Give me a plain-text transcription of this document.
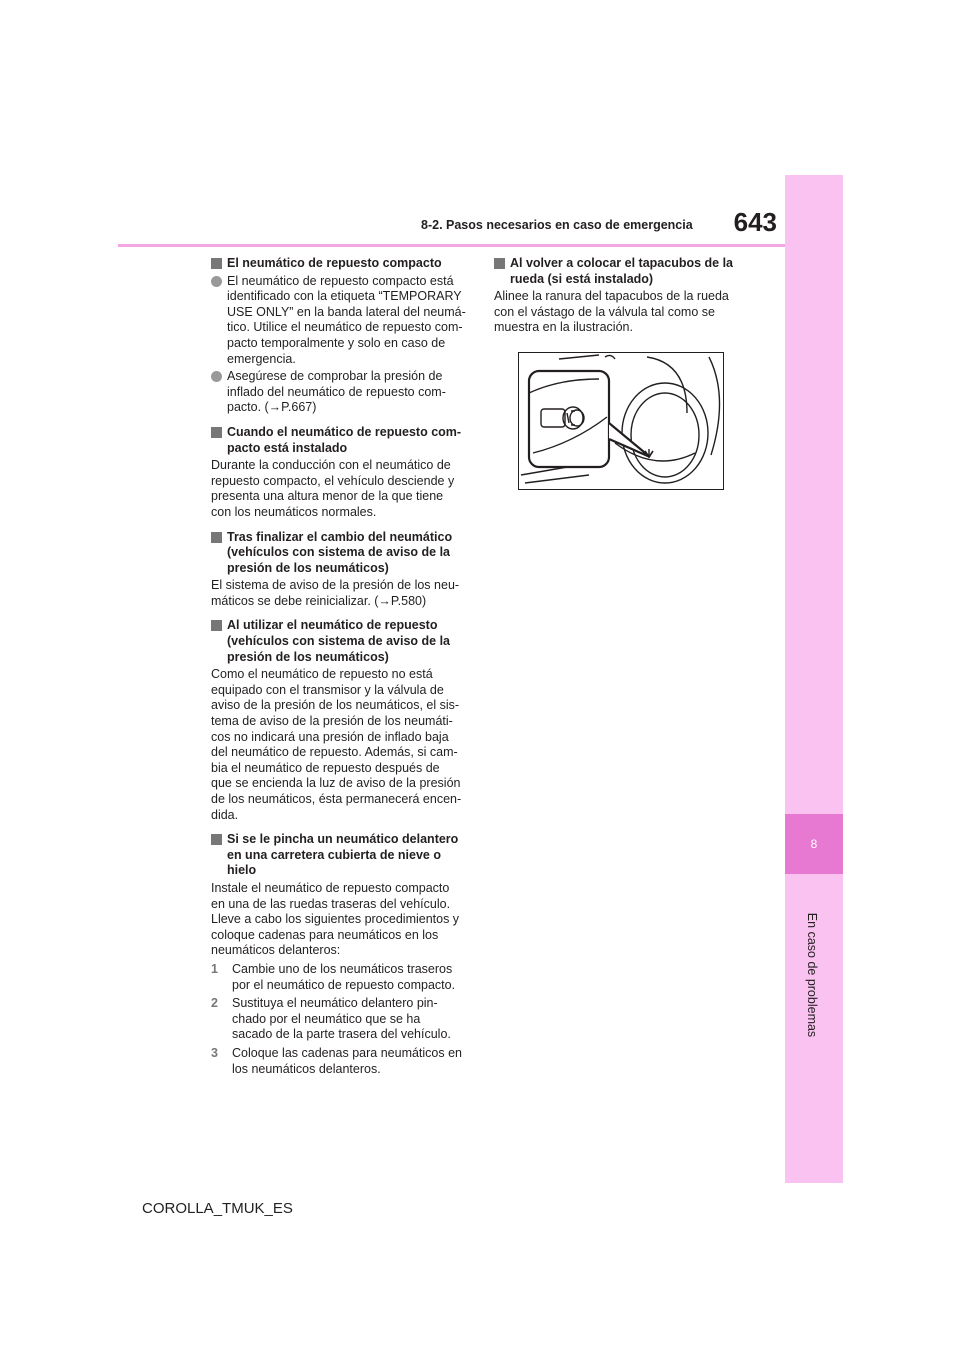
8-2. Pasos necesarios en caso de emergencia	643
8
En caso de problemas
El neumático de repuesto compacto
El neumático de repuesto compacto está
identificado con la etiqueta “TEMPORARY
USE ONLY” en la banda lateral del neumá-
tico. Utilice el neumático de repuesto com-
pacto temporalmente y solo en caso de
emergencia.
Asegúrese de comprobar la presión de
inflado del neumático de repuesto com-
pacto. (→P.667)
Cuando el neumático de repuesto com-
pacto está instalado
Durante la conducción con el neumático de
repuesto compacto, el vehículo desciende y
presenta una altura menor de la que tiene
con los neumáticos normales.
Tras finalizar el cambio del neumático
(vehículos con sistema de aviso de la
presión de los neumáticos)
El sistema de aviso de la presión de los neu-
máticos se debe reinicializar. (→P.580)
Al utilizar el neumático de repuesto
(vehículos con sistema de aviso de la
presión de los neumáticos)
Como el neumático de repuesto no está
equipado con el transmisor y la válvula de
aviso de la presión de los neumáticos, el sis-
tema de aviso de la presión de los neumáti-
cos no indicará una presión de inflado baja
del neumático de repuesto. Además, si cam-
bia el neumático de repuesto después de
que se encienda la luz de aviso de la presión
de los neumáticos, ésta permanecerá encen-
dida.
Si se le pincha un neumático delantero
en una carretera cubierta de nieve o
hielo
Instale el neumático de repuesto compacto
en una de las ruedas traseras del vehículo.
Lleve a cabo los siguientes procedimientos y
coloque cadenas para neumáticos en los
neumáticos delanteros:
1	Cambie uno de los neumáticos traseros
por el neumático de repuesto compacto.
2	Sustituya el neumático delantero pin-
chado por el neumático que se ha
sacado de la parte trasera del vehículo.
3	Coloque las cadenas para neumáticos en
los neumáticos delanteros.
Al volver a colocar el tapacubos de la
rueda (si está instalado)
Alinee la ranura del tapacubos de la rueda
con el vástago de la válvula tal como se
muestra en la ilustración.
COROLLA_TMUK_ES
